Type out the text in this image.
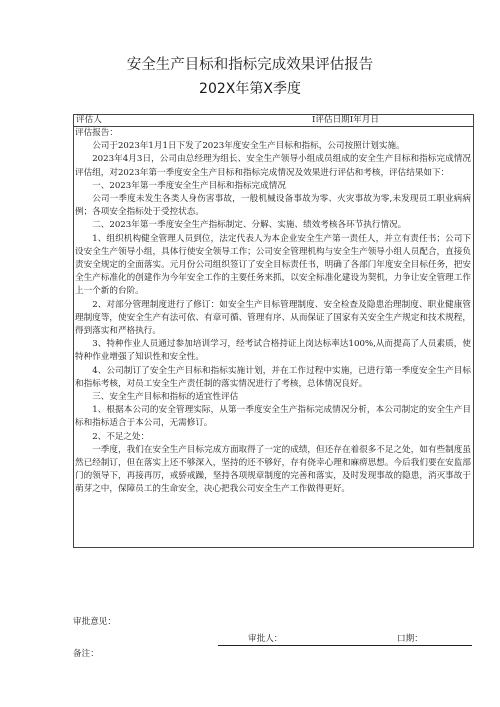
安全生产目标和指标完成效果评估报告
202X年第X季度
评估人	I评估日期I年月日

评估报告：

公司于2023年1月1日下发了2023年度安全生产目标和指标，公司按照计划实施。

2023年4月3日，公司由总经理为组长、安全生产领导小组成员组成的安全生产目标和指标完成情况评估组，对2023年第一季度安全生产目标和指标完成情况及效果进行评估和考核，评估结果如下：

一、2023年第一季度安全生产目标和指标完成情况

公司一季度未发生各类人身伤害事故，一般机械设备事故为零、火灾事故为零,未发现员工职业病病例；各项安全指标处于受控状态。

二、2023年第一季度安全生产指标制定、分解、实施、绩效考核各环节执行情况。

1、组织机构健全管理人员到位，法定代表人为本企业安全生产第一责任人，并立有责任书；公司下设安全生产领导小组，具体行使安全领导工作；公司安全管理机构与安全生产领导小组人员配合，直接负责安全规定的全面落实。元月份公司组织签订了安全目标责任书，明确了各部门年度安全目标任务，把安全生产标准化的创建作为今年安全工作的主要任务来抓，以安全标准化建设为契机，力争让安全管理工作上一个新的台阶。

2、对部分管理制度进行了修订：如安全生产目标管理制度、安全检查及隐患治理制度、职业健康管理制度等，使安全生产有法可依、有章可循、管理有序、从而保证了国家有关安全生产规定和技术规程，得到落实和严格执行。

3、特种作业人员通过参加培训学习，经考试合格持证上岗达标率达100%,从而提高了人员素质，使特种作业增强了知识性和安全性。

4、公司制订了安全生产目标和指标实施计划，并在工作过程中实施，已进行第一季度安全生产目标和指标考核，对员工安全生产责任制的落实情况进行了考核，总体情况良好。

三、安全生产目标和指标的适宜性评估

1、根据本公司的安全管理实际，从第一季度安全生产指标完成情况分析，本公司制定的安全生产目标和指标适合于本公司，无需修订。

2、不足之处：

一季度，我们在安全生产目标完成方面取得了一定的成绩，但还存在着很多不足之处，如有些制度虽然已经制订，但在落实上还不够深入，坚持的还不够好，存有侥幸心理和麻痹思想。今后我们要在安监部门的领导下，再接再厉，戒骄戒躁，坚持各项规章制度的完善和落实，及时发现事故的隐患，消灭事故于萌芽之中，保障员工的生命安全，决心把我公司安全生产工作做得更好。

审批意见：
审批人：	口期：
备注：
